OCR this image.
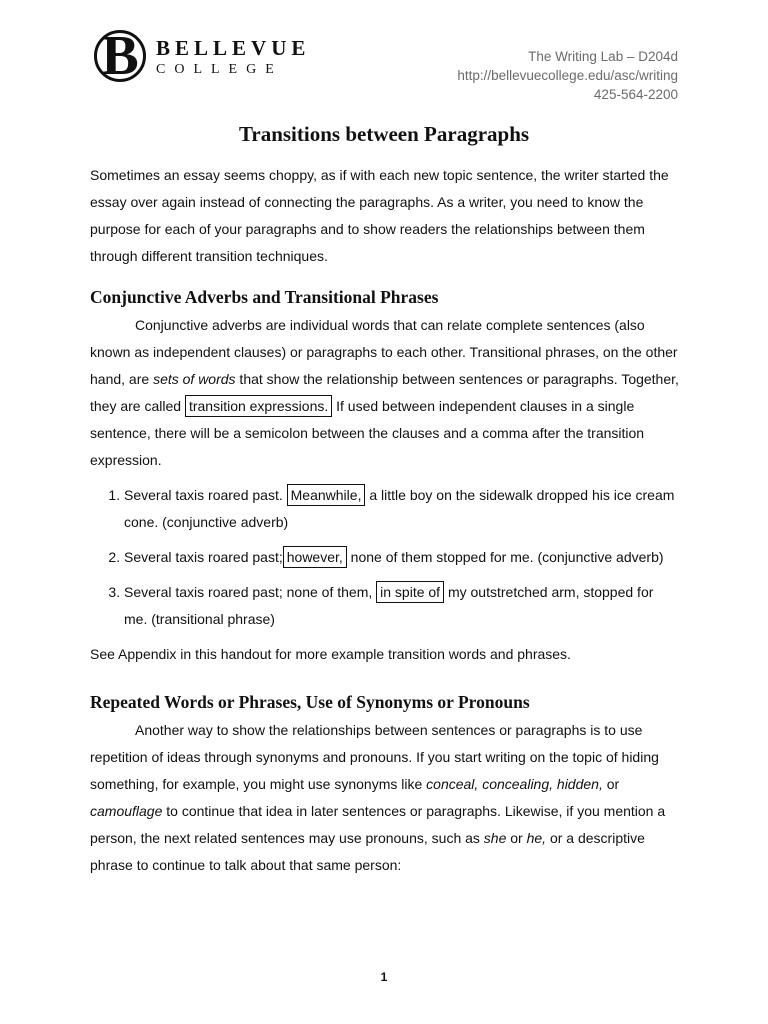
B BELLEVUE
COLLEGE
The Writing Lab – D204d
http://bellevuecollege.edu/asc/writing
425-564-2200
Transitions between Paragraphs

Sometimes an essay seems choppy, as if with each new topic sentence, the writer started the essay over again instead of connecting the paragraphs. As a writer, you need to know the purpose for each of your paragraphs and to show readers the relationships between them through different transition techniques.

Conjunctive Adverbs and Transitional Phrases

Conjunctive adverbs are individual words that can relate complete sentences (also known as independent clauses) or paragraphs to each other. Transitional phrases, on the other hand, are sets of words that show the relationship between sentences or paragraphs. Together, they are called transition expressions. If used between independent clauses in a single sentence, there will be a semicolon between the clauses and a comma after the transition expression.

1. Several taxis roared past. Meanwhile, a little boy on the sidewalk dropped his ice cream cone. (conjunctive adverb)
2. Several taxis roared past; however, none of them stopped for me. (conjunctive adverb)
3. Several taxis roared past; none of them, in spite of my outstretched arm, stopped for me. (transitional phrase)

See Appendix in this handout for more example transition words and phrases.

Repeated Words or Phrases, Use of Synonyms or Pronouns

Another way to show the relationships between sentences or paragraphs is to use repetition of ideas through synonyms and pronouns. If you start writing on the topic of hiding something, for example, you might use synonyms like conceal, concealing, hidden, or camouflage to continue that idea in later sentences or paragraphs. Likewise, if you mention a person, the next related sentences may use pronouns, such as she or he, or a descriptive phrase to continue to talk about that same person:

1
